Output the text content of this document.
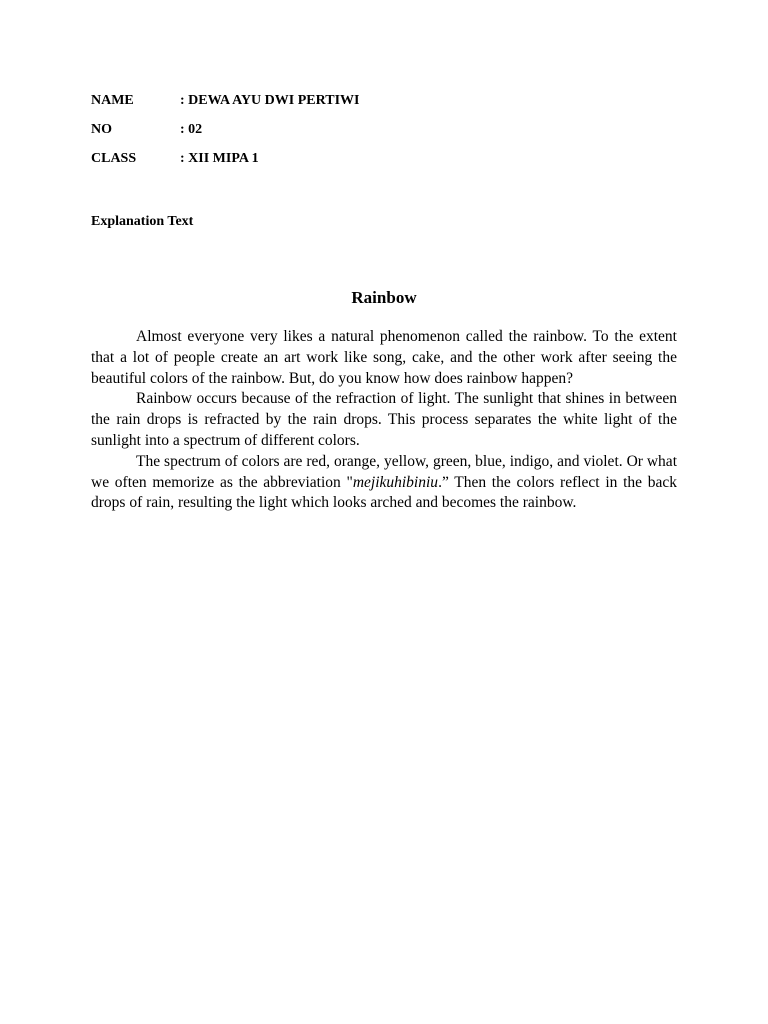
NAME	: DEWA AYU DWI PERTIWI
NO	: 02
CLASS	: XII MIPA 1
Explanation Text
Rainbow

Almost everyone very likes a natural phenomenon called the rainbow. To the extent that a lot of people create an art work like song, cake, and the other work after seeing the beautiful colors of the rainbow. But, do you know how does rainbow happen?

Rainbow occurs because of the refraction of light. The sunlight that shines in between the rain drops is refracted by the rain drops. This process separates the white light of the sunlight into a spectrum of different colors.

The spectrum of colors are red, orange, yellow, green, blue, indigo, and violet. Or what we often memorize as the abbreviation "mejikuhibiniu.” Then the colors reflect in the back drops of rain, resulting the light which looks arched and becomes the rainbow.
